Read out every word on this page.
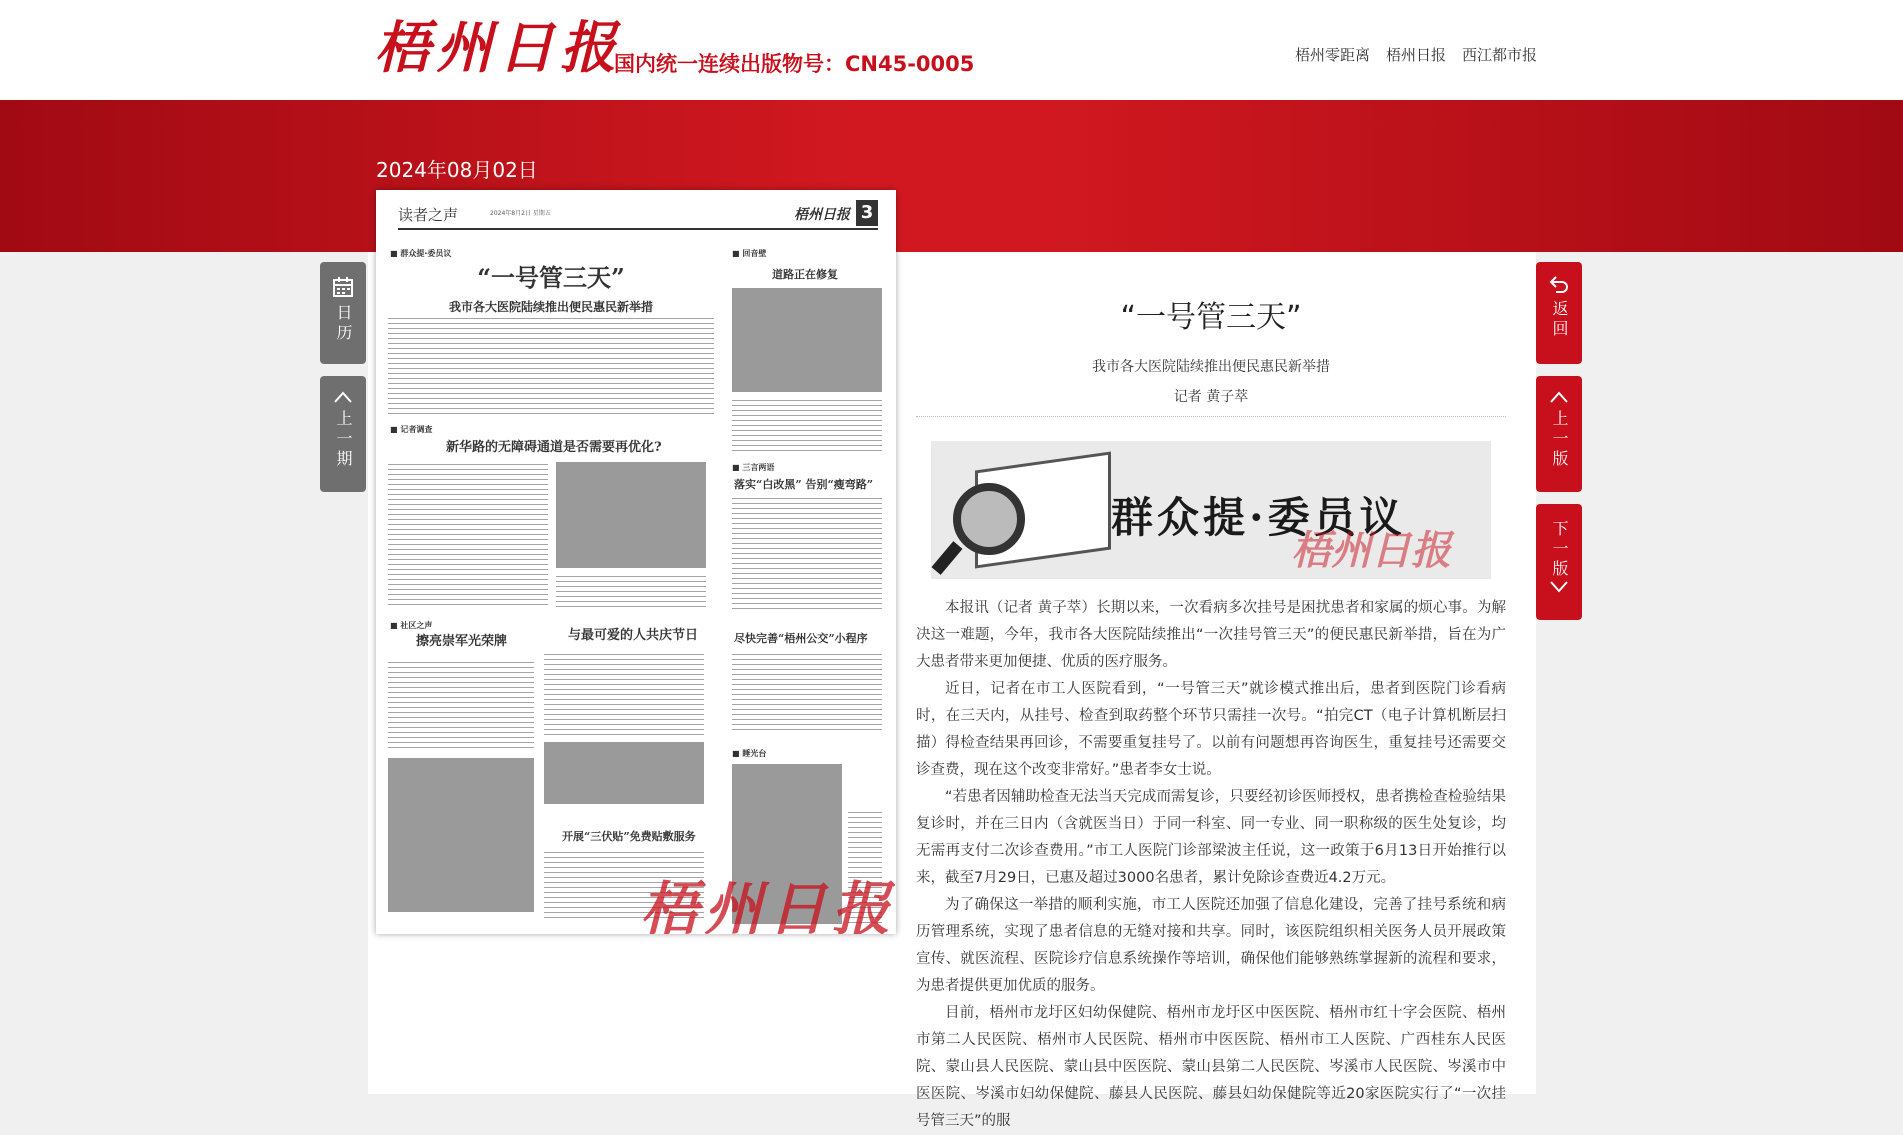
梧州日报
国内统一连续出版物号：CN45-0005	梧州零距离 梧州日报 西江都市报
2024年08月02日
日历
上一期
返回
上一版
下一版
读者之声	2024年8月2日 星期五	梧州日报 3
■ 群众提·委员议
“一号管三天”
我市各大医院陆续推出便民惠民新举措
■ 记者调查
新华路的无障碍通道是否需要再优化?
■ 社区之声
擦亮崇军光荣牌	与最可爱的人共庆节日
开展“三伏贴”免费贴敷服务
■ 回音壁
道路正在修复
■ 三言两语
落实“白改黑” 告别“瘦弯路”
尽快完善“梧州公交”小程序
■ 睡光台
梧州日报
“一号管三天”
我市各大医院陆续推出便民惠民新举措
记者 黄子萃
群众提·委员议
梧州日报

本报讯（记者 黄子萃）长期以来，一次看病多次挂号是困扰患者和家属的烦心事。为解决这一难题，今年，我市各大医院陆续推出“一次挂号管三天”的便民惠民新举措，旨在为广大患者带来更加便捷、优质的医疗服务。

近日，记者在市工人医院看到，“一号管三天”就诊模式推出后，患者到医院门诊看病时，在三天内，从挂号、检查到取药整个环节只需挂一次号。“拍完CT（电子计算机断层扫描）得检查结果再回诊，不需要重复挂号了。以前有问题想再咨询医生，重复挂号还需要交诊查费，现在这个改变非常好。”患者李女士说。

“若患者因辅助检查无法当天完成而需复诊，只要经初诊医师授权，患者携检查检验结果复诊时，并在三日内（含就医当日）于同一科室、同一专业、同一职称级的医生处复诊，均无需再支付二次诊查费用。”市工人医院门诊部梁波主任说，这一政策于6月13日开始推行以来，截至7月29日，已惠及超过3000名患者，累计免除诊查费近4.2万元。

为了确保这一举措的顺利实施，市工人医院还加强了信息化建设，完善了挂号系统和病历管理系统，实现了患者信息的无缝对接和共享。同时，该医院组织相关医务人员开展政策宣传、就医流程、医院诊疗信息系统操作等培训，确保他们能够熟练掌握新的流程和要求，为患者提供更加优质的服务。

目前，梧州市龙圩区妇幼保健院、梧州市龙圩区中医医院、梧州市红十字会医院、梧州市第二人民医院、梧州市人民医院、梧州市中医医院、梧州市工人医院、广西桂东人民医院、蒙山县人民医院、蒙山县中医医院、蒙山县第二人民医院、岑溪市人民医院、岑溪市中医医院、岑溪市妇幼保健院、藤县人民医院、藤县妇幼保健院等近20家医院实行了“一次挂号管三天”的服
